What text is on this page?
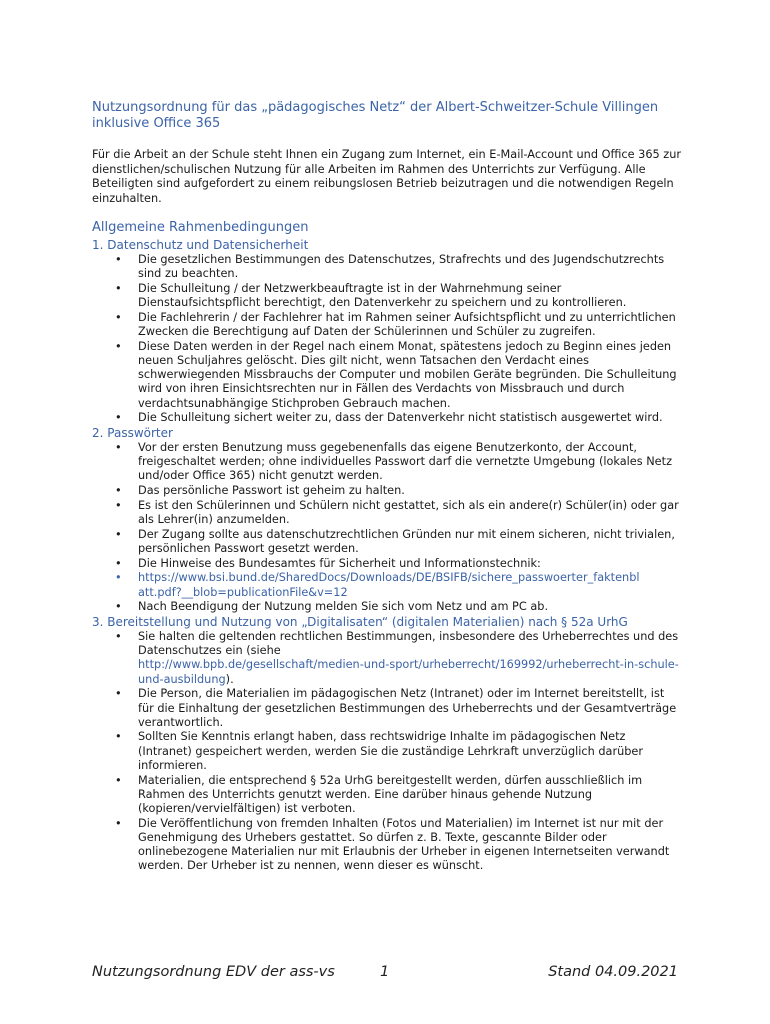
Nutzungsordnung für das „pädagogisches Netz“ der Albert-Schweitzer-Schule Villingen inklusive Office 365
Für die Arbeit an der Schule steht Ihnen ein Zugang zum Internet, ein E-Mail-Account und Office 365 zur dienstlichen/schulischen Nutzung für alle Arbeiten im Rahmen des Unterrichts zur Verfügung. Alle Beteiligten sind aufgefordert zu einem reibungslosen Betrieb beizutragen und die notwendigen Regeln einzuhalten.
Allgemeine Rahmenbedingungen
1. Datenschutz und Datensicherheit
• Die gesetzlichen Bestimmungen des Datenschutzes, Strafrechts und des Jugendschutzrechts sind zu beachten.
• Die Schulleitung / der Netzwerkbeauftragte ist in der Wahrnehmung seiner Dienstaufsichtspflicht berechtigt, den Datenverkehr zu speichern und zu kontrollieren.
• Die Fachlehrerin / der Fachlehrer hat im Rahmen seiner Aufsichtspflicht und zu unterrichtlichen Zwecken die Berechtigung auf Daten der Schülerinnen und Schüler zu zugreifen.
• Diese Daten werden in der Regel nach einem Monat, spätestens jedoch zu Beginn eines jeden neuen Schuljahres gelöscht. Dies gilt nicht, wenn Tatsachen den Verdacht eines schwerwiegenden Missbrauchs der Computer und mobilen Geräte begründen. Die Schulleitung wird von ihren Einsichtsrechten nur in Fällen des Verdachts von Missbrauch und durch verdachtsunabhängige Stichproben Gebrauch machen.
• Die Schulleitung sichert weiter zu, dass der Datenverkehr nicht statistisch ausgewertet wird.
2. Passwörter
• Vor der ersten Benutzung muss gegebenenfalls das eigene Benutzerkonto, der Account, freigeschaltet werden; ohne individuelles Passwort darf die vernetzte Umgebung (lokales Netz und/oder Office 365) nicht genutzt werden.
• Das persönliche Passwort ist geheim zu halten.
• Es ist den Schülerinnen und Schülern nicht gestattet, sich als ein andere(r) Schüler(in) oder gar als Lehrer(in) anzumelden.
• Der Zugang sollte aus datenschutzrechtlichen Gründen nur mit einem sicheren, nicht trivialen, persönlichen Passwort gesetzt werden.
• Die Hinweise des Bundesamtes für Sicherheit und Informationstechnik:
• https://www.bsi.bund.de/SharedDocs/Downloads/DE/BSIFB/sichere_passwoerter_faktenbl att.pdf?__blob=publicationFile&v=12
• Nach Beendigung der Nutzung melden Sie sich vom Netz und am PC ab.
3. Bereitstellung und Nutzung von „Digitalisaten“ (digitalen Materialien) nach § 52a UrhG
• Sie halten die geltenden rechtlichen Bestimmungen, insbesondere des Urheberrechtes und des Datenschutzes ein (siehe
http://www.bpb.de/gesellschaft/medien-und-sport/urheberrecht/169992/urheberrecht-in-schule-und-ausbildung).
• Die Person, die Materialien im pädagogischen Netz (Intranet) oder im Internet bereitstellt, ist für die Einhaltung der gesetzlichen Bestimmungen des Urheberrechts und der Gesamtverträge verantwortlich.
• Sollten Sie Kenntnis erlangt haben, dass rechtswidrige Inhalte im pädagogischen Netz (Intranet) gespeichert werden, werden Sie die zuständige Lehrkraft unverzüglich darüber informieren.
• Materialien, die entsprechend § 52a UrhG bereitgestellt werden, dürfen ausschließlich im Rahmen des Unterrichts genutzt werden. Eine darüber hinaus gehende Nutzung (kopieren/vervielfältigen) ist verboten.
• Die Veröffentlichung von fremden Inhalten (Fotos und Materialien) im Internet ist nur mit der Genehmigung des Urhebers gestattet. So dürfen z. B. Texte, gescannte Bilder oder onlinebezogene Materialien nur mit Erlaubnis der Urheber in eigenen Internetseiten verwandt werden. Der Urheber ist zu nennen, wenn dieser es wünscht.
Nutzungsordnung EDV der ass-vs	1	Stand 04.09.2021
